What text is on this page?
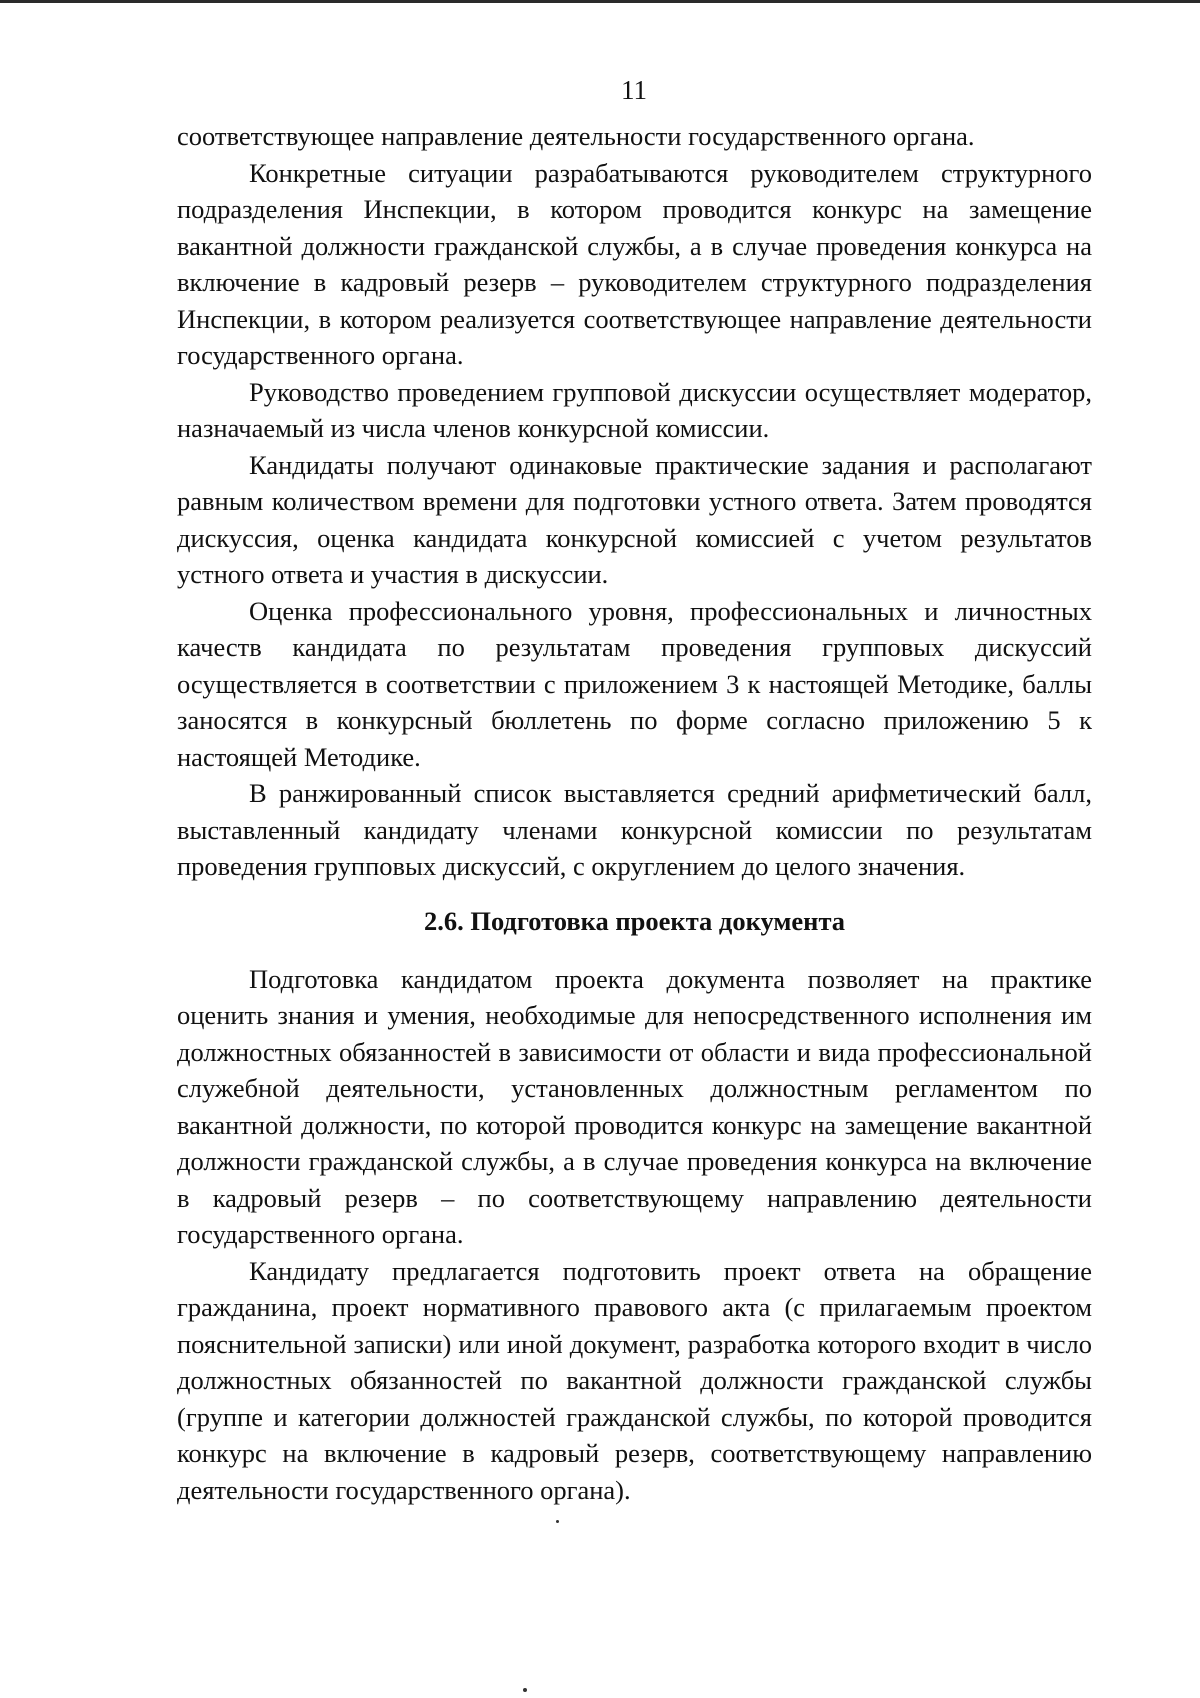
11

соответствующее направление деятельности государственного органа.

Конкретные ситуации разрабатываются руководителем структурного подразделения Инспекции, в котором проводится конкурс на замещение вакантной должности гражданской службы, а в случае проведения конкурса на включение в кадровый резерв – руководителем структурного подразделения Инспекции, в котором реализуется соответствующее направление деятельности государственного органа.

Руководство проведением групповой дискуссии осуществляет модератор, назначаемый из числа членов конкурсной комиссии.

Кандидаты получают одинаковые практические задания и располагают равным количеством времени для подготовки устного ответа. Затем проводятся дискуссия, оценка кандидата конкурсной комиссией с учетом результатов устного ответа и участия в дискуссии.

Оценка профессионального уровня, профессиональных и личностных качеств кандидата по результатам проведения групповых дискуссий осуществляется в соответствии с приложением 3 к настоящей Методике, баллы заносятся в конкурсный бюллетень по форме согласно приложению 5 к настоящей Методике.

В ранжированный список выставляется средний арифметический балл, выставленный кандидату членами конкурсной комиссии по результатам проведения групповых дискуссий, с округлением до целого значения.

2.6. Подготовка проекта документа

Подготовка кандидатом проекта документа позволяет на практике оценить знания и умения, необходимые для непосредственного исполнения им должностных обязанностей в зависимости от области и вида профессиональной служебной деятельности, установленных должностным регламентом по вакантной должности, по которой проводится конкурс на замещение вакантной должности гражданской службы, а в случае проведения конкурса на включение в кадровый резерв – по соответствующему направлению деятельности государственного органа.

Кандидату предлагается подготовить проект ответа на обращение гражданина, проект нормативного правового акта (с прилагаемым проектом пояснительной записки) или иной документ, разработка которого входит в число должностных обязанностей по вакантной должности гражданской службы (группе и категории должностей гражданской службы, по которой проводится конкурс на включение в кадровый резерв, соответствующему направлению деятельности государственного органа).
